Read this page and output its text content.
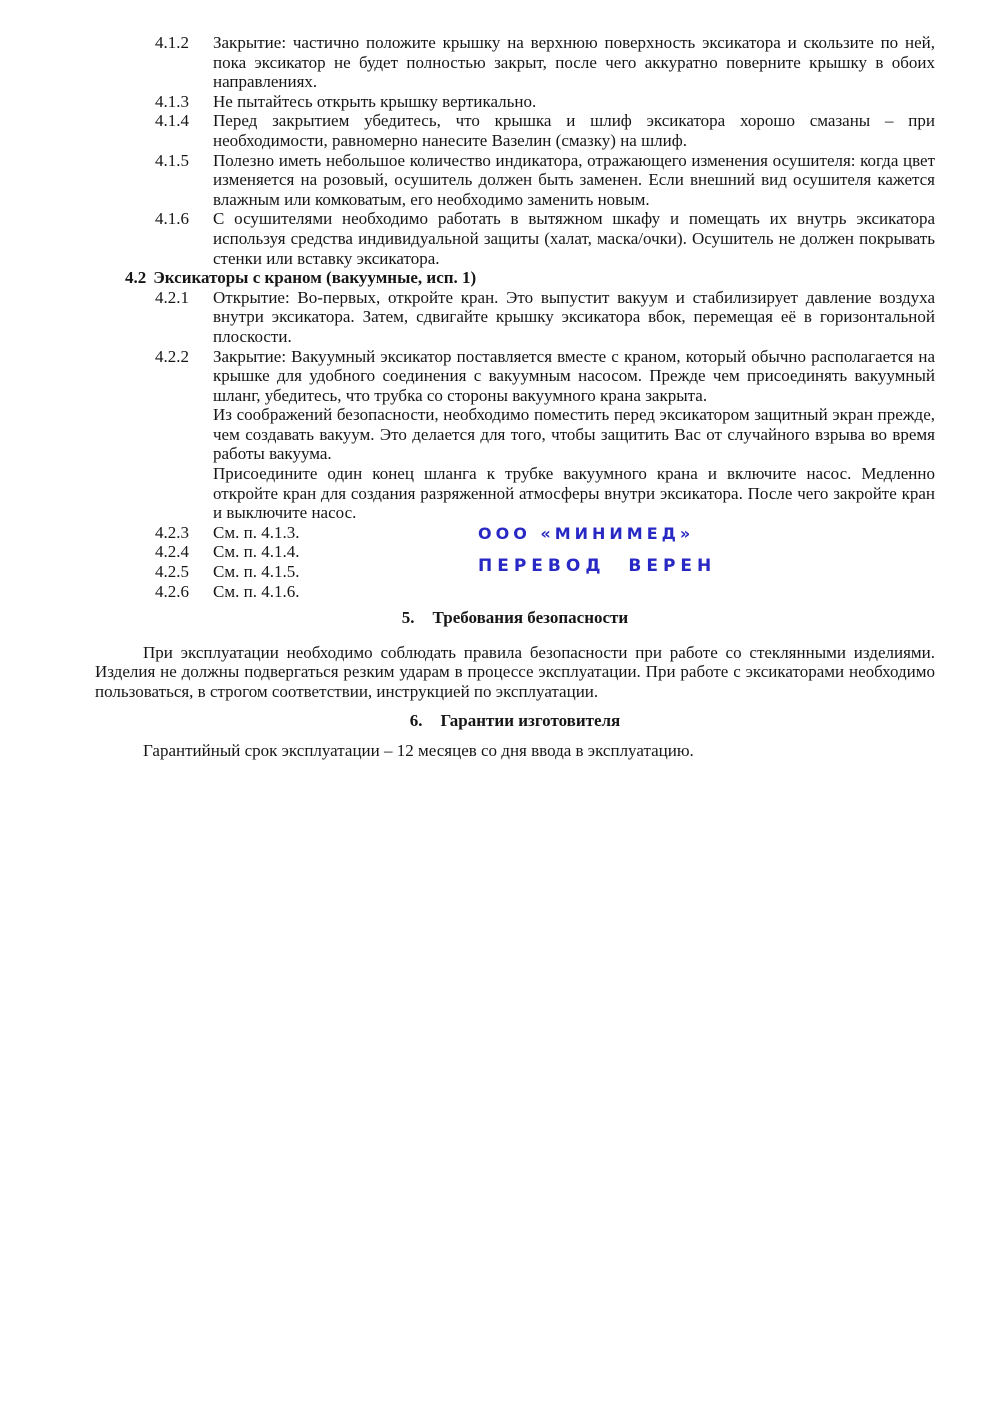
4.1.2	Закрытие: частично положите крышку на верхнюю поверхность эксикатора и скользите по ней, пока эксикатор не будет полностью закрыт, после чего аккуратно поверните крышку в обоих направлениях.
4.1.3	Не пытайтесь открыть крышку вертикально.
4.1.4	Перед закрытием убедитесь, что крышка и шлиф эксикатора хорошо смазаны – при необходимости, равномерно нанесите Вазелин (смазку) на шлиф.
4.1.5	Полезно иметь небольшое количество индикатора, отражающего изменения осушителя: когда цвет изменяется на розовый, осушитель должен быть заменен. Если внешний вид осушителя кажется влажным или комковатым, его необходимо заменить новым.
4.1.6	С осушителями необходимо работать в вытяжном шкафу и помещать их внутрь эксикатора используя средства индивидуальной защиты (халат, маска/очки). Осушитель не должен покрывать стенки или вставку эксикатора.
4.2 Эксикаторы с краном (вакуумные, исп. 1)
4.2.1	Открытие: Во-первых, откройте кран. Это выпустит вакуум и стабилизирует давление воздуха внутри эксикатора. Затем, сдвигайте крышку эксикатора вбок, перемещая её в горизонтальной плоскости.
4.2.2	Закрытие: Вакуумный эксикатор поставляется вместе с краном, который обычно располагается на крышке для удобного соединения с вакуумным насосом. Прежде чем присоединять вакуумный шланг, убедитесь, что трубка со стороны вакуумного крана закрыта.

Из соображений безопасности, необходимо поместить перед эксикатором защитный экран прежде, чем создавать вакуум. Это делается для того, чтобы защитить Вас от случайного взрыва во время работы вакуума.

Присоедините один конец шланга к трубке вакуумного крана и включите насос. Медленно откройте кран для создания разряженной атмосферы внутри эксикатора. После чего закройте кран и выключите насос.

4.2.3	См. п. 4.1.3.
4.2.4	См. п. 4.1.4.
4.2.5	См. п. 4.1.5.
4.2.6	См. п. 4.1.6.
ООО «МИНИМЕД»
ПЕРЕВОД ВЕРЕН
5. Требования безопасности

При эксплуатации необходимо соблюдать правила безопасности при работе со стеклянными изделиями. Изделия не должны подвергаться резким ударам в процессе эксплуатации. При работе с эксикаторами необходимо пользоваться, в строгом соответствии, инструкцией по эксплуатации.

6. Гарантии изготовителя

Гарантийный срок эксплуатации – 12 месяцев со дня ввода в эксплуатацию.
